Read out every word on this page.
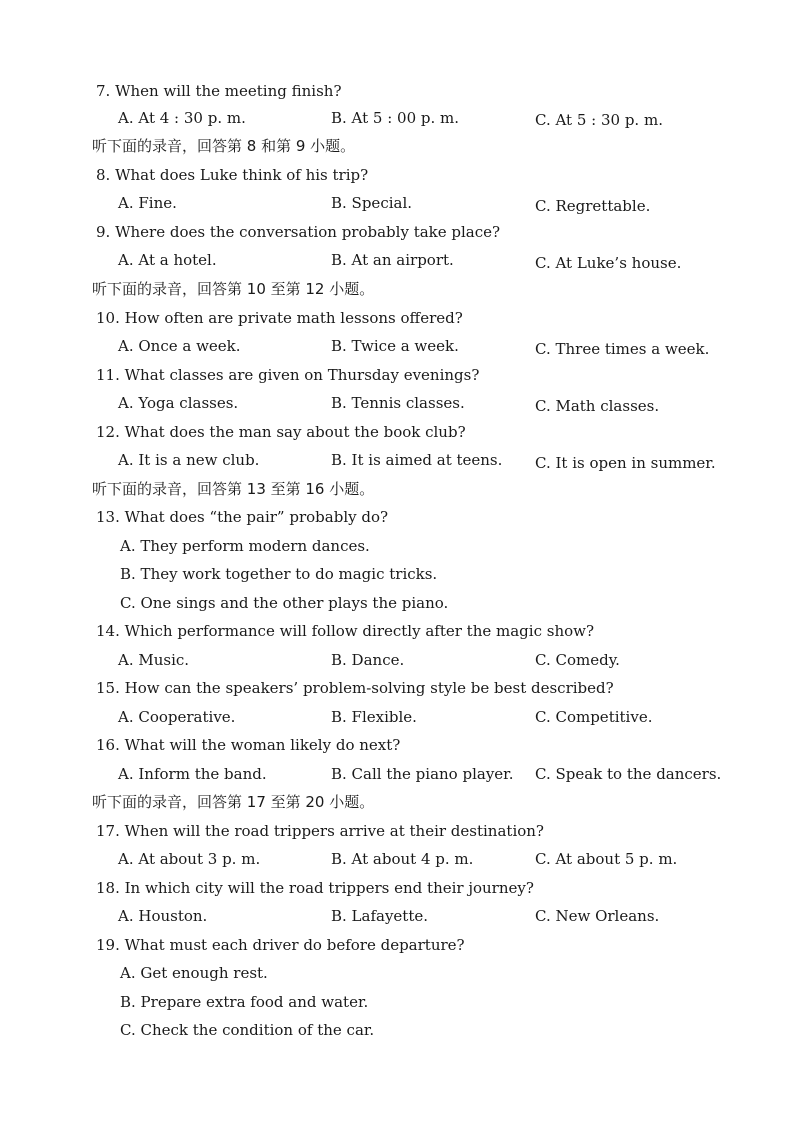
7. When will the meeting finish?
A. At 4 : 30 p. m.	B. At 5 : 00 p. m.	C. At 5 : 30 p. m.
听下面的录音，回答第 8 和第 9 小题。
8. What does Luke think of his trip?
A. Fine.	B. Special.	C. Regrettable.
9. Where does the conversation probably take place?
A. At a hotel.	B. At an airport.	C. At Luke’s house.
听下面的录音，回答第 10 至第 12 小题。
10. How often are private math lessons offered?
A. Once a week.	B. Twice a week.	C. Three times a week.
11. What classes are given on Thursday evenings?
A. Yoga classes.	B. Tennis classes.	C. Math classes.
12. What does the man say about the book club?
A. It is a new club.	B. It is aimed at teens. C. It is open in summer.
听下面的录音，回答第 13 至第 16 小题。
13. What does “the pair” probably do?
A. They perform modern dances.
B. They work together to do magic tricks.
C. One sings and the other plays the piano.
14. Which performance will follow directly after the magic show?
A. Music.	B. Dance.	C. Comedy.
15. How can the speakers’ problem-solving style be best described?
A. Cooperative.	B. Flexible.	C. Competitive.
16. What will the woman likely do next?
A. Inform the band.	B. Call the piano player. C. Speak to the dancers.
听下面的录音，回答第 17 至第 20 小题。
17. When will the road trippers arrive at their destination?
A. At about 3 p. m.	B. At about 4 p. m.	C. At about 5 p. m.
18. In which city will the road trippers end their journey?
A. Houston.	B. Lafayette.	C. New Orleans.
19. What must each driver do before departure?
A. Get enough rest.
B. Prepare extra food and water.
C. Check the condition of the car.
